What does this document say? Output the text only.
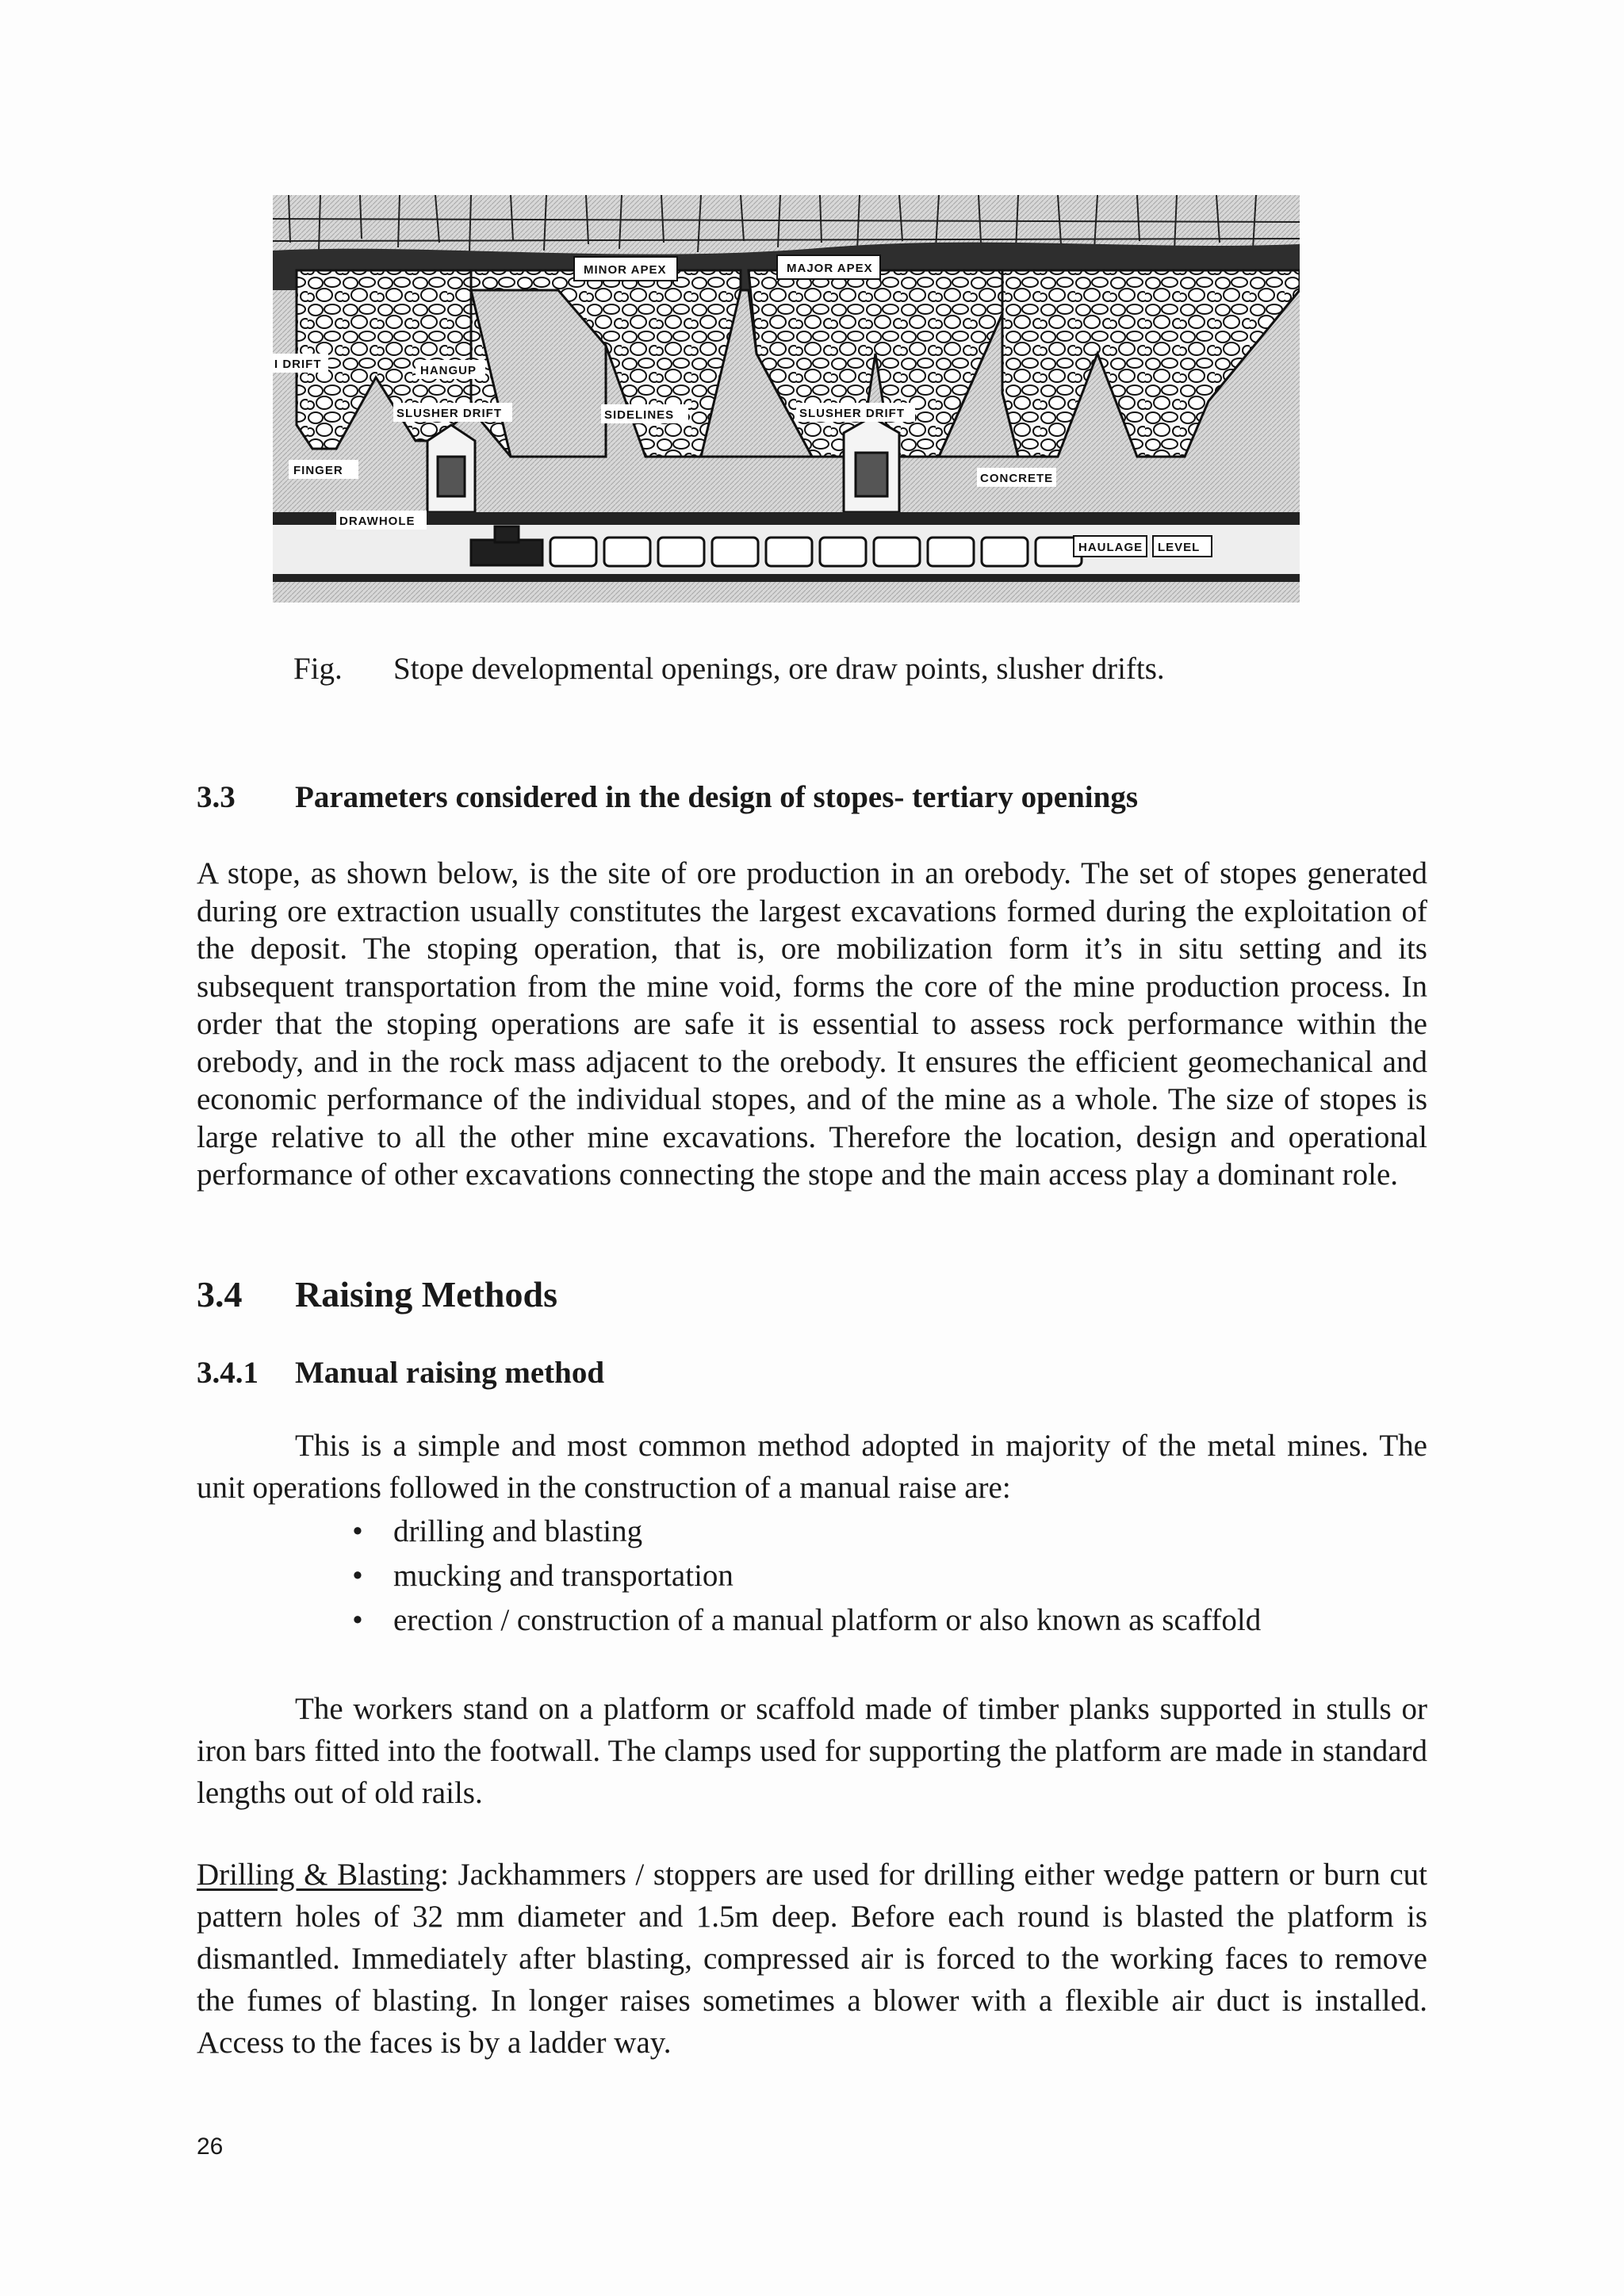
MINOR APEX	MAJOR APEX
I DRIFT	HANGUP
SLUSHER DRIFT	SIDELINES	SLUSHER DRIFT
FINGER
CONCRETE
DRAWHOLE
HAULAGE LEVEL
Fig. Stope developmental openings, ore draw points, slusher drifts.
3.3 Parameters considered in the design of stopes- tertiary openings

A stope, as shown below, is the site of ore production in an orebody. The set of stopes generated during ore extraction usually constitutes the largest excavations formed during the exploitation of the deposit. The stoping operation, that is, ore mobilization form it’s in situ setting and its subsequent transportation from the mine void, forms the core of the mine production process. In order that the stoping operations are safe it is essential to assess rock performance within the orebody, and in the rock mass adjacent to the orebody. It ensures the efficient geomechanical and economic performance of the individual stopes, and of the mine as a whole. The size of stopes is large relative to all the other mine excavations. Therefore the location, design and operational performance of other excavations connecting the stope and the main access play a dominant role.

3.4 Raising Methods
3.4.1 Manual raising method

This is a simple and most common method adopted in majority of the metal mines. The unit operations followed in the construction of a manual raise are:

• drilling and blasting
• mucking and transportation
• erection / construction of a manual platform or also known as scaffold

The workers stand on a platform or scaffold made of timber planks supported in stulls or iron bars fitted into the footwall. The clamps used for supporting the platform are made in standard lengths out of old rails.

Drilling & Blasting: Jackhammers / stoppers are used for drilling either wedge pattern or burn cut pattern holes of 32 mm diameter and 1.5m deep. Before each round is blasted the platform is dismantled. Immediately after blasting, compressed air is forced to the working faces to remove the fumes of blasting. In longer raises sometimes a blower with a flexible air duct is installed. Access to the faces is by a ladder way.

26
